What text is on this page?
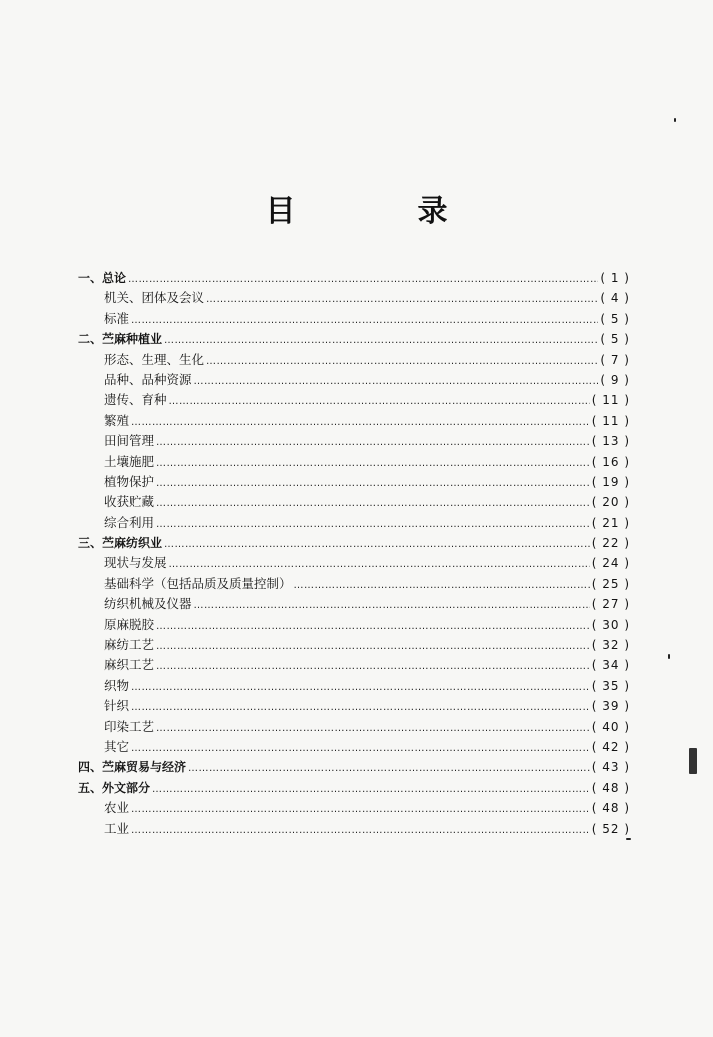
目　录
一、总论 ……………………………………………………………………………………………………………………………………………………………………………………………………………………	( 1 )
机关、团体及会议 ……………………………………………………………………………………………………………………………………………………………………………………………………………………	( 4 )
标准 ……………………………………………………………………………………………………………………………………………………………………………………………………………………	( 5 )
二、苎麻种植业 ……………………………………………………………………………………………………………………………………………………………………………………………………………………	( 5 )
形态、生理、生化 ……………………………………………………………………………………………………………………………………………………………………………………………………………………	( 7 )
品种、品种资源 ……………………………………………………………………………………………………………………………………………………………………………………………………………………	( 9 )
遗传、育种 ……………………………………………………………………………………………………………………………………………………………………………………………………………………	( 11 )
繁殖 ……………………………………………………………………………………………………………………………………………………………………………………………………………………	( 11 )
田间管理 ……………………………………………………………………………………………………………………………………………………………………………………………………………………	( 13 )
土壤施肥 ……………………………………………………………………………………………………………………………………………………………………………………………………………………	( 16 )
植物保护 ……………………………………………………………………………………………………………………………………………………………………………………………………………………	( 19 )
收获贮藏 ……………………………………………………………………………………………………………………………………………………………………………………………………………………	( 20 )
综合利用 ……………………………………………………………………………………………………………………………………………………………………………………………………………………	( 21 )
三、苎麻纺织业 ……………………………………………………………………………………………………………………………………………………………………………………………………………………	( 22 )
现状与发展 ……………………………………………………………………………………………………………………………………………………………………………………………………………………	( 24 )
基础科学（包括品质及质量控制） ……………………………………………………………………………………………………………………………………………………………………………………………………………………	( 25 )
纺织机械及仪器 ……………………………………………………………………………………………………………………………………………………………………………………………………………………	( 27 )
原麻脱胶 ……………………………………………………………………………………………………………………………………………………………………………………………………………………	( 30 )
麻纺工艺 ……………………………………………………………………………………………………………………………………………………………………………………………………………………	( 32 )
麻织工艺 ……………………………………………………………………………………………………………………………………………………………………………………………………………………	( 34 )
织物 ……………………………………………………………………………………………………………………………………………………………………………………………………………………	( 35 )
针织 ……………………………………………………………………………………………………………………………………………………………………………………………………………………	( 39 )
印染工艺 ……………………………………………………………………………………………………………………………………………………………………………………………………………………	( 40 )
其它 ……………………………………………………………………………………………………………………………………………………………………………………………………………………	( 42 )
四、苎麻贸易与经济 ……………………………………………………………………………………………………………………………………………………………………………………………………………………	( 43 )
五、外文部分 ……………………………………………………………………………………………………………………………………………………………………………………………………………………	( 48 )
农业 ……………………………………………………………………………………………………………………………………………………………………………………………………………………	( 48 )
工业 ……………………………………………………………………………………………………………………………………………………………………………………………………………………	( 52 )
